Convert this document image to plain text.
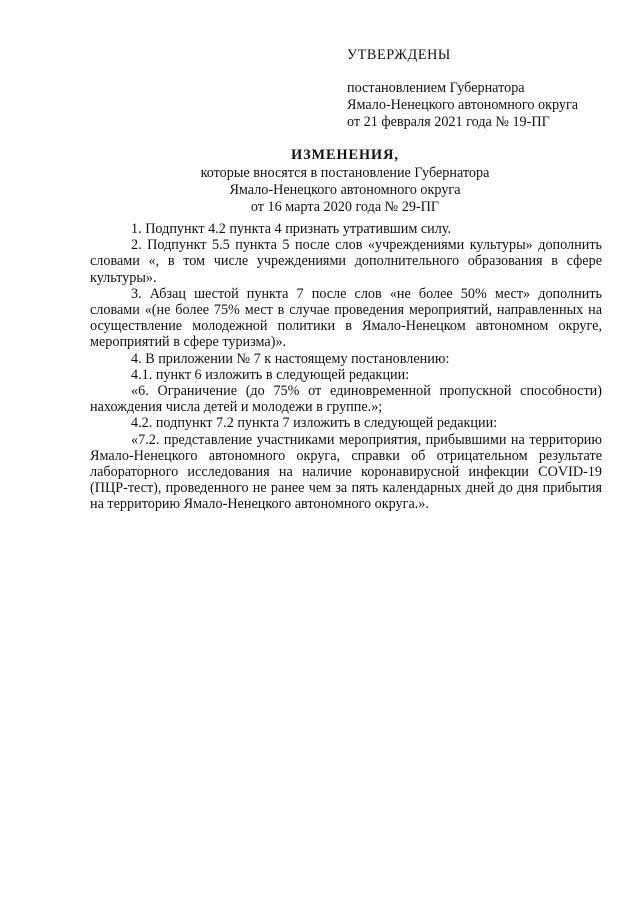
УТВЕРЖДЕНЫ
постановлением Губернатора
Ямало-Ненецкого автономного округа
от 21 февраля 2021 года № 19-ПГ
ИЗМЕНЕНИЯ,
которые вносятся в постановление Губернатора
Ямало-Ненецкого автономного округа
от 16 марта 2020 года № 29-ПГ

1. Подпункт 4.2 пункта 4 признать утратившим силу.

2. Подпункт 5.5 пункта 5 после слов «учреждениями культуры» дополнить словами «, в том числе учреждениями дополнительного образования в сфере культуры».

3. Абзац шестой пункта 7 после слов «не более 50% мест» дополнить словами «(не более 75% мест в случае проведения мероприятий, направленных на осуществление молодежной политики в Ямало-Ненецком автономном округе, мероприятий в сфере туризма)».

4. В приложении № 7 к настоящему постановлению:

4.1. пункт 6 изложить в следующей редакции:

«6. Ограничение (до 75% от единовременной пропускной способности) нахождения числа детей и молодежи в группе.»;

4.2. подпункт 7.2 пункта 7 изложить в следующей редакции:

«7.2. представление участниками мероприятия, прибывшими на территорию Ямало-Ненецкого автономного округа, справки об отрицательном результате лабораторного исследования на наличие коронавирусной инфекции COVID-19 (ПЦР-тест), проведенного не ранее чем за пять календарных дней до дня прибытия на территорию Ямало-Ненецкого автономного округа.».
